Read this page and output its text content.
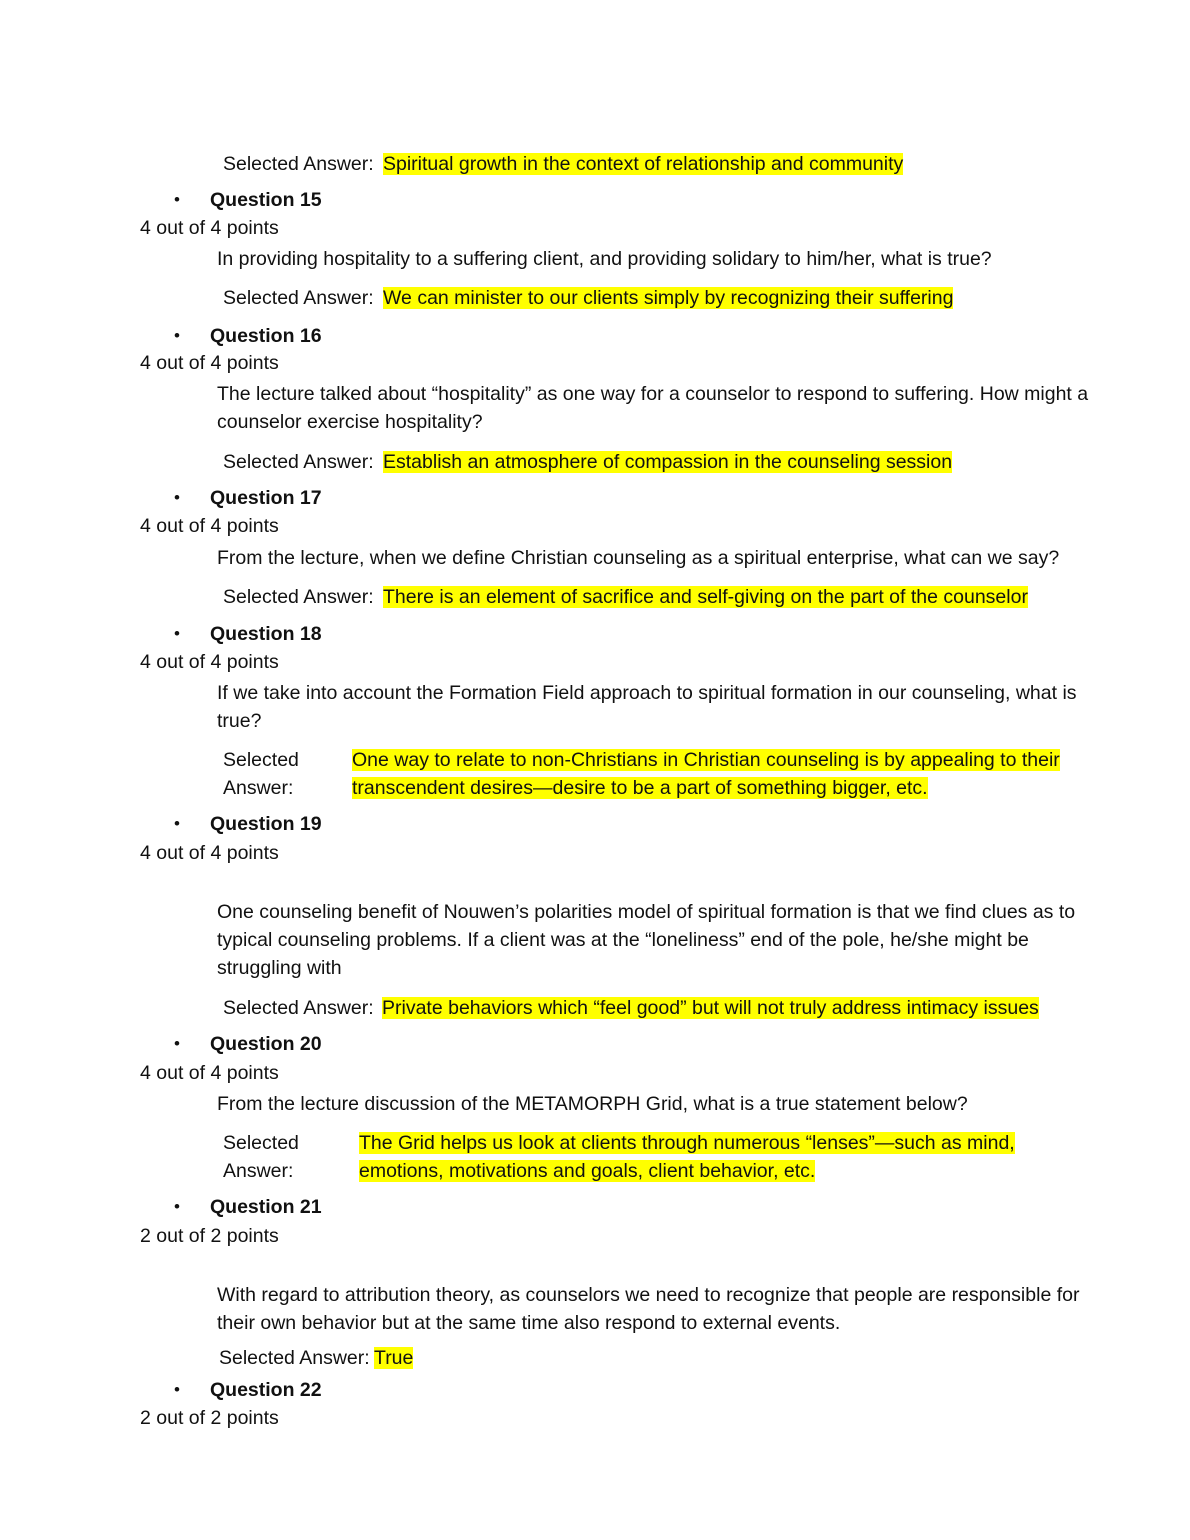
Selected Answer: Spiritual growth in the context of relationship and community
• Question 15
4 out of 4 points
In providing hospitality to a suffering client, and providing solidary to him/her, what is true?
Selected Answer: We can minister to our clients simply by recognizing their suffering
• Question 16
4 out of 4 points
The lecture talked about “hospitality” as one way for a counselor to respond to suffering. How might a counselor exercise hospitality?
Selected Answer: Establish an atmosphere of compassion in the counseling session
• Question 17
4 out of 4 points
From the lecture, when we define Christian counseling as a spiritual enterprise, what can we say?
Selected Answer: There is an element of sacrifice and self-giving on the part of the counselor
• Question 18
4 out of 4 points
If we take into account the Formation Field approach to spiritual formation in our counseling, what is true?
Selected
Answer:
One way to relate to non-Christians in Christian counseling is by appealing to their
transcendent desires—desire to be a part of something bigger, etc.
• Question 19
4 out of 4 points
One counseling benefit of Nouwen’s polarities model of spiritual formation is that we find clues as to typical counseling problems. If a client was at the “loneliness” end of the pole, he/she might be struggling with
Selected Answer: Private behaviors which “feel good” but will not truly address intimacy issues
• Question 20
4 out of 4 points
From the lecture discussion of the METAMORPH Grid, what is a true statement below?
Selected
Answer:
The Grid helps us look at clients through numerous “lenses”—such as mind,
emotions, motivations and goals, client behavior, etc.
• Question 21
2 out of 2 points
With regard to attribution theory, as counselors we need to recognize that people are responsible for their own behavior but at the same time also respond to external events.
Selected Answer: True
• Question 22
2 out of 2 points
